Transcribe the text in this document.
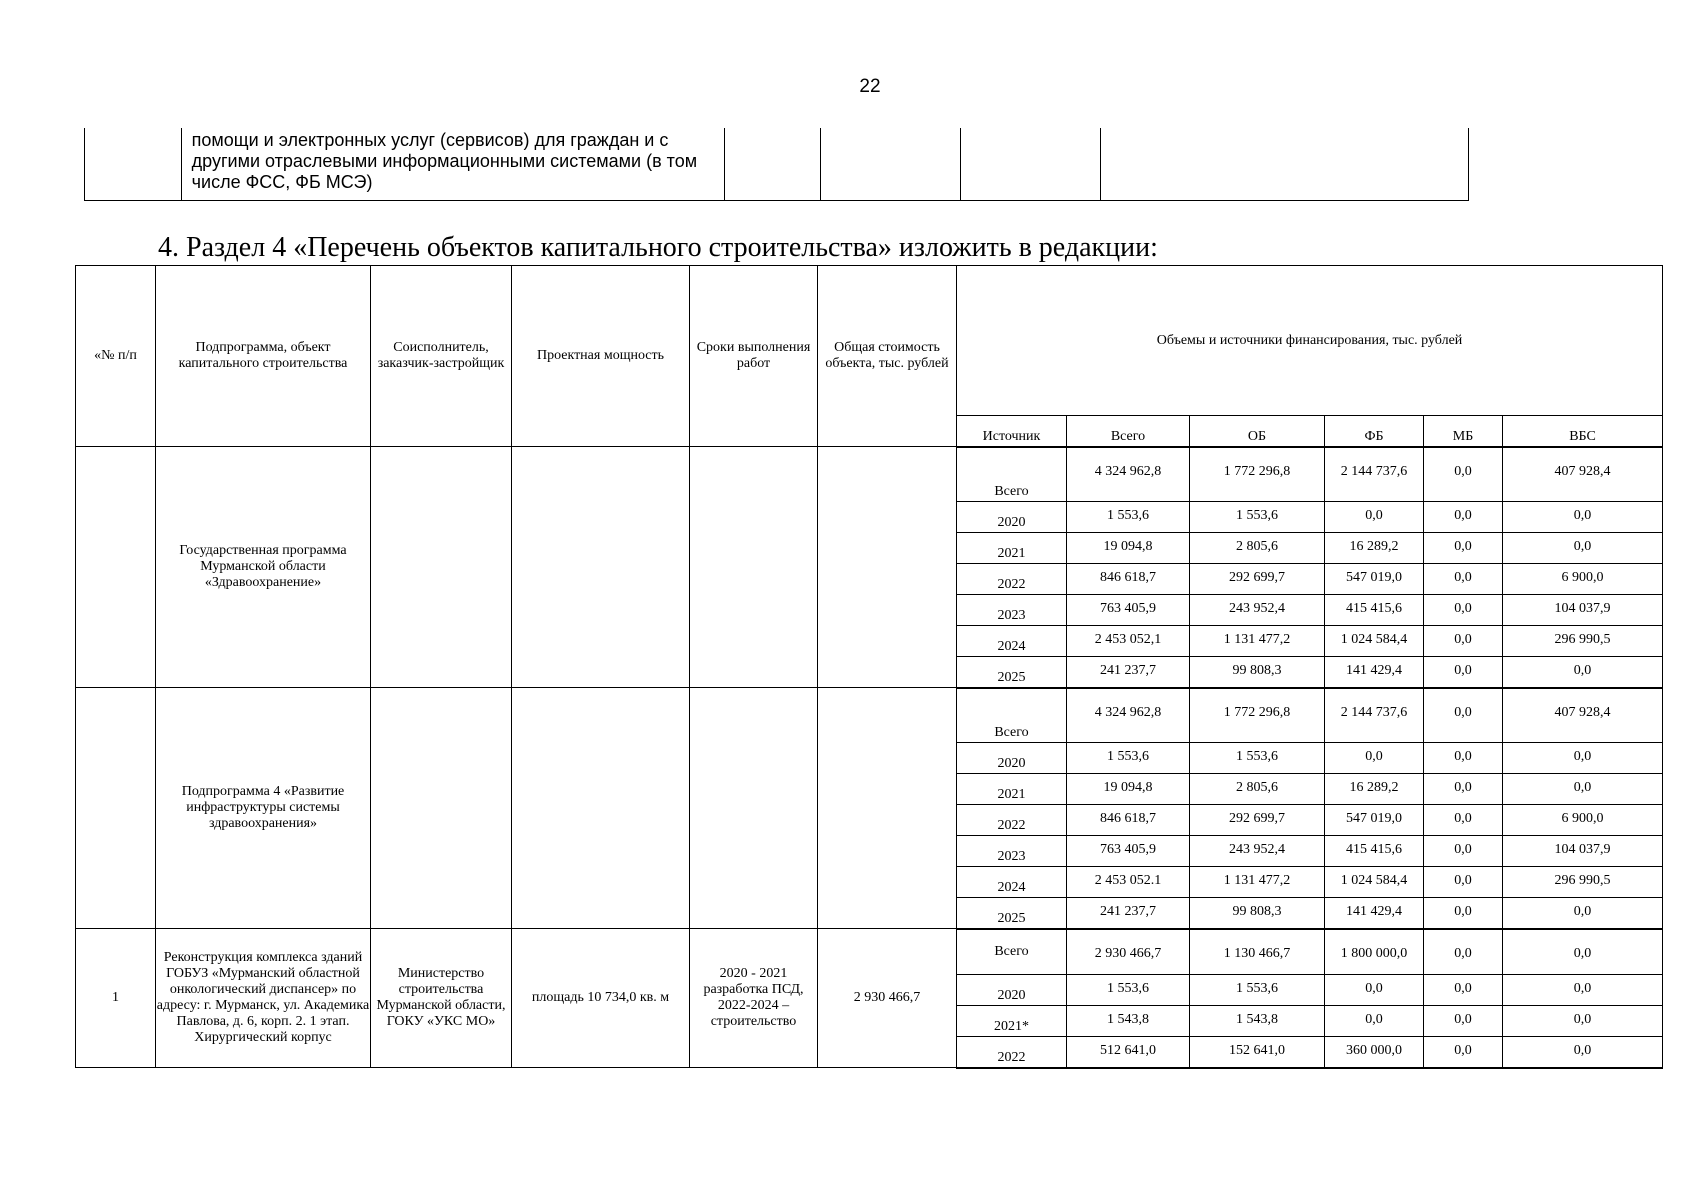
22
	помощи и электронных услуг (сервисов) для граждан и с другими отраслевыми информационными системами (в том числе ФСС, ФБ МСЭ)				
4. Раздел 4 «Перечень объектов капитального строительства» изложить в редакции:
«№ п/п	Подпрограмма, объект капитального строительства	Соисполнитель, заказчик-застройщик	Проектная мощность	Сроки выполнения работ	Общая стоимость объекта, тыс. рублей	Объемы и источники финансирования, тыс. рублей					
						Источник	Всего	ОБ	ФБ	МБ	ВБС
	Государственная программа Мурманской области «Здравоохранение»					Всего	4 324 962,8	1 772 296,8	2 144 737,6	0,0	407 928,4
						2020	1 553,6	1 553,6	0,0	0,0	0,0
						2021	19 094,8	2 805,6	16 289,2	0,0	0,0
						2022	846 618,7	292 699,7	547 019,0	0,0	6 900,0
						2023	763 405,9	243 952,4	415 415,6	0,0	104 037,9
						2024	2 453 052,1	1 131 477,2	1 024 584,4	0,0	296 990,5
						2025	241 237,7	99 808,3	141 429,4	0,0	0,0
	Подпрограмма 4 «Развитие инфраструктуры системы здравоохранения»					Всего	4 324 962,8	1 772 296,8	2 144 737,6	0,0	407 928,4
						2020	1 553,6	1 553,6	0,0	0,0	0,0
						2021	19 094,8	2 805,6	16 289,2	0,0	0,0
						2022	846 618,7	292 699,7	547 019,0	0,0	6 900,0
						2023	763 405,9	243 952,4	415 415,6	0,0	104 037,9
						2024	2 453 052.1	1 131 477,2	1 024 584,4	0,0	296 990,5
						2025	241 237,7	99 808,3	141 429,4	0,0	0,0
1	Реконструкция комплекса зданий ГОБУЗ «Мурманский областной онкологический диспансер» по адресу: г. Мурманск, ул. Академика Павлова, д. 6, корп. 2. 1 этап. Хирургический корпус	Министерство строительства Мурманской области, ГОКУ «УКС МО»	площадь 10 734,0 кв. м	2020 - 2021 разработка ПСД, 2022-2024 – строительство	2 930 466,7	Всего	2 930 466,7	1 130 466,7	1 800 000,0	0,0	0,0
						2020	1 553,6	1 553,6	0,0	0,0	0,0
						2021*	1 543,8	1 543,8	0,0	0,0	0,0
						2022	512 641,0	152 641,0	360 000,0	0,0	0,0
